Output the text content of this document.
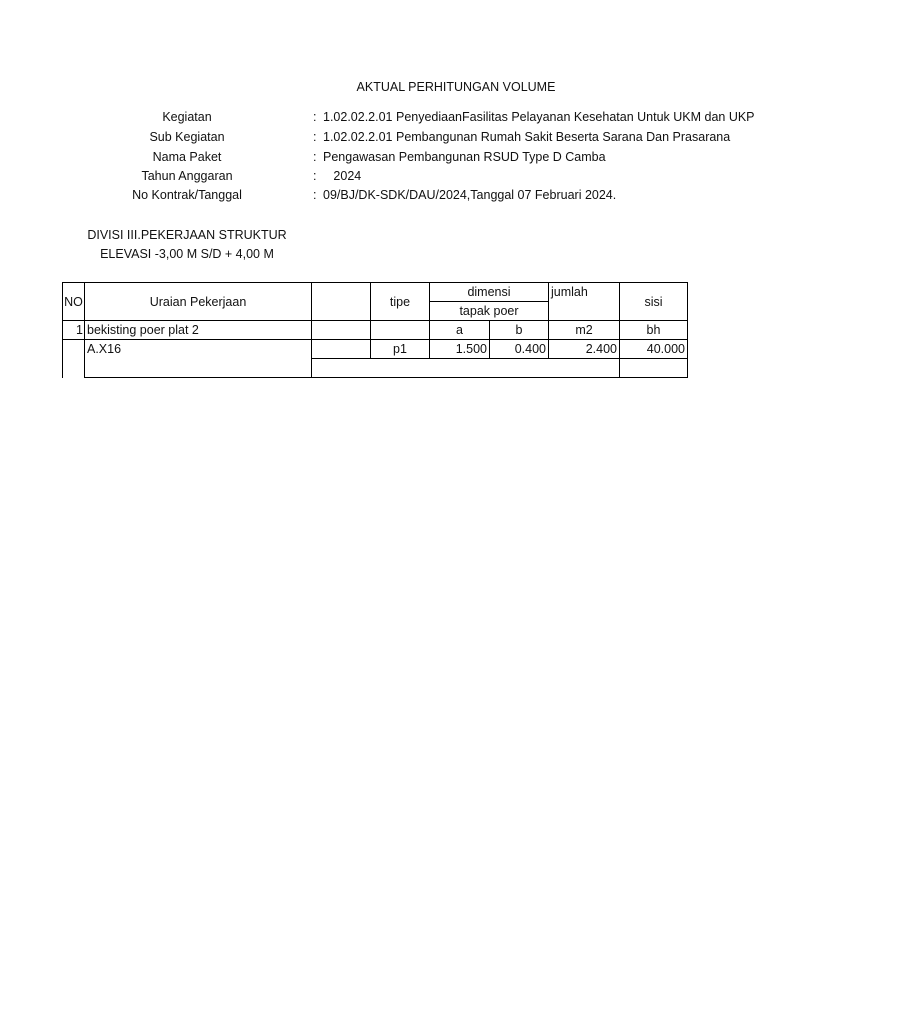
AKTUAL PERHITUNGAN VOLUME
Kegiatan	: 1.02.02.2.01 PenyediaanFasilitas Pelayanan Kesehatan Untuk UKM dan UKP
Sub Kegiatan	: 1.02.02.2.01 Pembangunan Rumah Sakit Beserta Sarana Dan Prasarana
Nama Paket	: Pengawasan Pembangunan RSUD Type D Camba
Tahun Anggaran	: 2024
No Kontrak/Tanggal	: 09/BJ/DK-SDK/DAU/2024,Tanggal 07 Februari 2024.
DIVISI III.PEKERJAAN STRUKTUR
ELEVASI -3,00 M S/D + 4,00 M
NO	Uraian Pekerjaan		tipe	dimensi		jumlah	sisi
				tapak poer			
1	bekisting poer plat 2			a	b	m2	bh
	A.X16		p1	1.500	0.400	2.400	40.000
